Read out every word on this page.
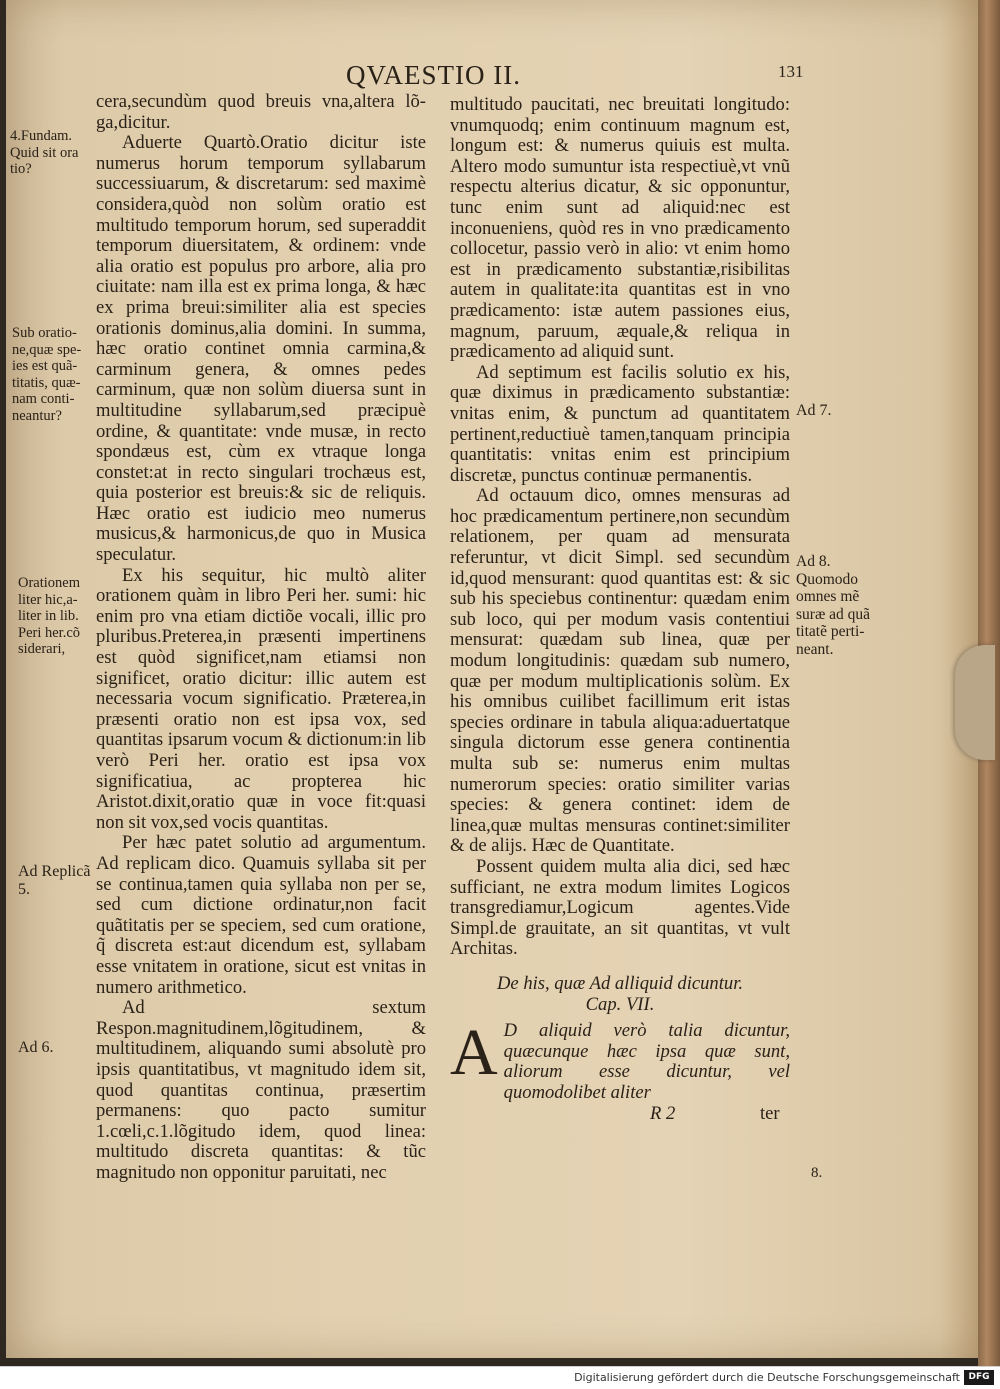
QVAESTIO II.	131

cera,secundùm quod breuis vna,altera lõ-ga,dicitur.

Aduerte Quartò.Oratio dicitur iste numerus horum temporum syllabarum successiuarum, & discretarum: sed maximè considera,quòd non solùm oratio est multitudo temporum horum, sed superaddit temporum diuersitatem, & ordinem: vnde alia oratio est populus pro arbore, alia pro ciuitate: nam illa est ex prima longa, & hæc ex prima breui:similiter alia est species orationis dominus,alia domini. In summa, hæc oratio continet omnia carmina,& carminum genera, & omnes pedes carminum, quæ non solùm diuersa sunt in multitudine syllabarum,sed præcipuè ordine, & quantitate: vnde musæ, in recto spondæus est, cùm ex vtraque longa constet:at in recto singulari trochæus est, quia posterior est breuis:& sic de reliquis. Hæc oratio est iudicio meo numerus musicus,& harmonicus,de quo in Musica speculatur.

Ex his sequitur, hic multò aliter orationem quàm in libro Peri her. sumi: hic enim pro vna etiam dictiõe vocali, illic pro pluribus.Preterea,in præsenti impertinens est quòd significet,nam etiamsi non significet, oratio dicitur: illic autem est necessaria vocum significatio. Præterea,in præsenti oratio non est ipsa vox, sed quantitas ipsarum vocum & dictionum:in lib verò Peri her. oratio est ipsa vox significatiua, ac propterea hic Aristot.dixit,oratio quæ in voce fit:quasi non sit vox,sed vocis quantitas.

Per hæc patet solutio ad argumentum. Ad replicam dico. Quamuis syllaba sit per se continua,tamen quia syllaba non per se, sed cum dictione ordinatur,non facit quãtitatis per se speciem, sed cum oratione, q̃ discreta est:aut dicendum est, syllabam esse vnitatem in oratione, sicut est vnitas in numero arithmetico.

Ad sextum Respon.magnitudinem,lõgitudinem, & multitudinem, aliquando sumi absolutè pro ipsis quantitatibus, vt magnitudo idem sit, quod quantitas continua, præsertim permanens: quo pacto sumitur 1.cœli,c.1.lõgitudo idem, quod linea: multitudo discreta quantitas: & tũc magnitudo non opponitur paruitati, nec

multitudo paucitati, nec breuitati longitudo: vnumquodq; enim continuum magnum est, longum est: & numerus quiuis est multa. Altero modo sumuntur ista respectiuè,vt vnũ respectu alterius dicatur, & sic opponuntur, tunc enim sunt ad aliquid:nec est inconueniens, quòd res in vno prædicamento collocetur, passio verò in alio: vt enim homo est in prædicamento substantiæ,risibilitas autem in qualitate:ita quantitas est in vno prædicamento: istæ autem passiones eius, magnum, paruum, æquale,& reliqua in prædicamento ad aliquid sunt.

Ad septimum est facilis solutio ex his, quæ diximus in prædicamento substantiæ: vnitas enim, & punctum ad quantitatem pertinent,reductiuè tamen,tanquam principia quantitatis: vnitas enim est principium discretæ, punctus continuæ permanentis.

Ad octauum dico, omnes mensuras ad hoc prædicamentum pertinere,non secundùm relationem, per quam ad mensurata referuntur, vt dicit Simpl. sed secundùm id,quod mensurant: quod quantitas est: & sic sub his speciebus continentur: quædam enim sub loco, qui per modum vasis contentiui mensurat: quædam sub linea, quæ per modum longitudinis: quædam sub numero, quæ per modum multiplicationis solùm. Ex his omnibus cuilibet facillimum erit istas species ordinare in tabula aliqua:aduertatque singula dictorum esse genera continentia multa sub se: numerus enim multas numerorum species: oratio similiter varias species: & genera continet: idem de linea,quæ multas mensuras continet:similiter & de alijs. Hæc de Quantitate.

Possent quidem multa alia dici, sed hæc sufficiant, ne extra modum limites Logicos transgrediamur,Logicum agentes.Vide Simpl.de grauitate, an sit quantitas, vt vult Architas.

De his, quæ Ad alliquid dicuntur.

Cap. VII.

A D aliquid verò talia dicuntur, quæcunque hæc ipsa quæ sunt, aliorum esse dicuntur, vel quomodolibet aliter

R 2	ter

4.Fundam.
Quid sit ora
tio?

Sub oratio-
ne,quæ spe-
ies est quã-
titatis, quæ-
nam conti-
neantur?

Orationem
liter hic,a-
liter in lib.
Peri her.cõ
siderari,

Ad Replicã
5.

Ad 6.

Ad 7.

Ad 8.
Quomodo
omnes mẽ
suræ ad quã
titatẽ perti-
neant.

8.

Digitalisierung gefördert durch die Deutsche Forschungsgemeinschaft DFG
